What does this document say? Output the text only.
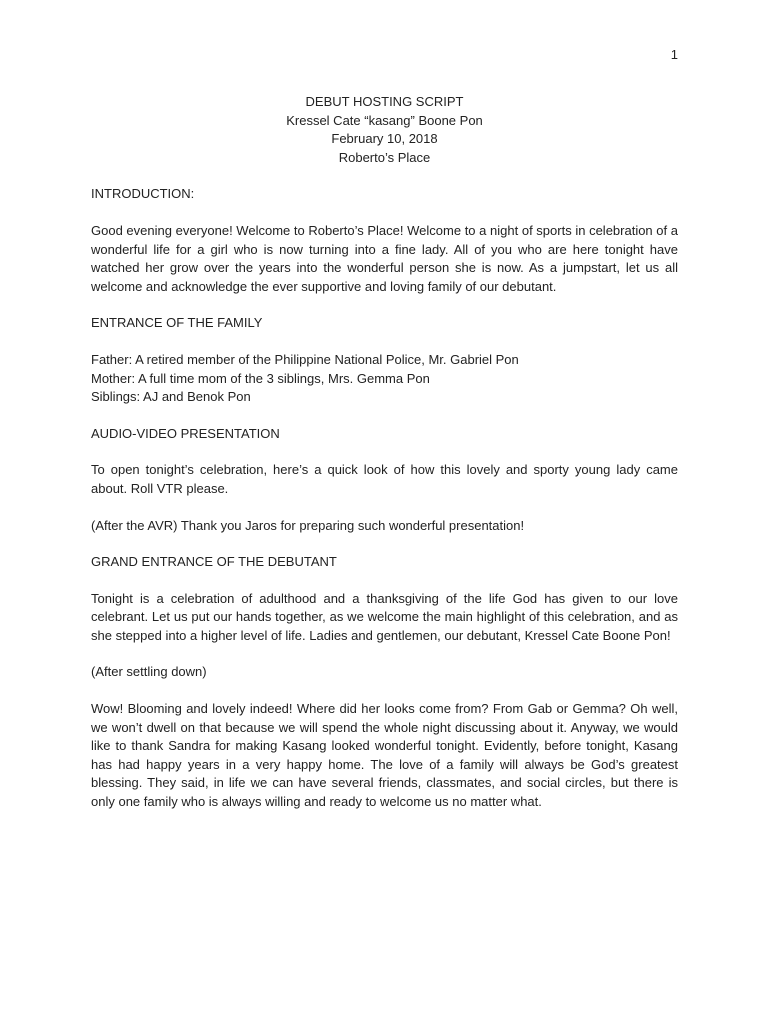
1
DEBUT HOSTING SCRIPT
Kressel Cate “kasang” Boone Pon
February 10, 2018
Roberto’s Place
INTRODUCTION:

Good evening everyone! Welcome to Roberto’s Place! Welcome to a night of sports in celebration of a wonderful life for a girl who is now turning into a fine lady. All of you who are here tonight have watched her grow over the years into the wonderful person she is now. As a jumpstart, let us all welcome and acknowledge the ever supportive and loving family of our debutant.

ENTRANCE OF THE FAMILY
Father: A retired member of the Philippine National Police, Mr. Gabriel Pon
Mother: A full time mom of the 3 siblings, Mrs. Gemma Pon
Siblings: AJ and Benok Pon
AUDIO-VIDEO PRESENTATION

To open tonight’s celebration, here’s a quick look of how this lovely and sporty young lady came about. Roll VTR please.

(After the AVR) Thank you Jaros for preparing such wonderful presentation!

GRAND ENTRANCE OF THE DEBUTANT

Tonight is a celebration of adulthood and a thanksgiving of the life God has given to our love celebrant. Let us put our hands together, as we welcome the main highlight of this celebration, and as she stepped into a higher level of life. Ladies and gentlemen, our debutant, Kressel Cate Boone Pon!

(After settling down)

Wow! Blooming and lovely indeed! Where did her looks come from? From Gab or Gemma? Oh well, we won’t dwell on that because we will spend the whole night discussing about it. Anyway, we would like to thank Sandra for making Kasang looked wonderful tonight. Evidently, before tonight, Kasang has had happy years in a very happy home. The love of a family will always be God’s greatest blessing. They said, in life we can have several friends, classmates, and social circles, but there is only one family who is always willing and ready to welcome us no matter what.
